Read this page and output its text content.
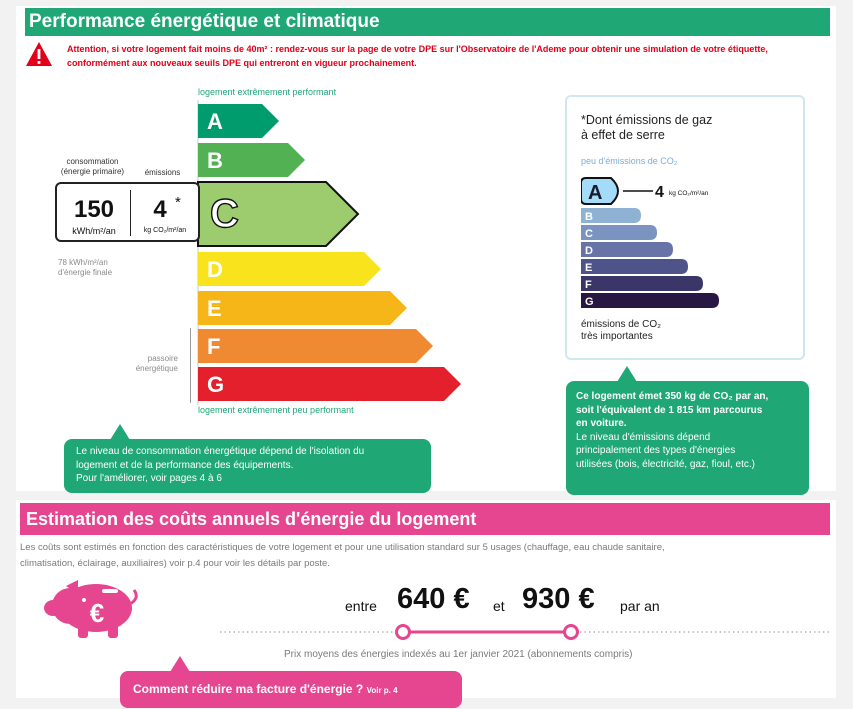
Performance énergétique et climatique
Attention, si votre logement fait moins de 40m² : rendez-vous sur la page de votre DPE sur l'Observatoire de l'Ademe pour obtenir une simulation de votre étiquette,
conformément aux nouveaux seuils DPE qui entreront en vigueur prochainement.
logement extrêmement performant
logement extrêmement peu performant
A
B
C
D
E
F
G
consommation
(énergie primaire)	émissions
150
kWh/m²/an
4 *
kg CO₂/m²/an
78 kWh/m²/an
d'énergie finale
passoire
énergétique
Le niveau de consommation énergétique dépend de l'isolation du
logement et de la performance des équipements.
Pour l'améliorer, voir pages 4 à 6
*Dont émissions de gaz
à effet de serre
peu d'émissions de CO₂
A
B
C
D
E
F
G
4 kg CO₂/m²/an
émissions de CO₂
très importantes
Ce logement émet 350 kg de CO₂ par an,
soit l'équivalent de 1 815 km parcourus
en voiture.
Le niveau d'émissions dépend
principalement des types d'énergies
utilisées (bois, électricité, gaz, fioul, etc.)
Estimation des coûts annuels d'énergie du logement
Les coûts sont estimés en fonction des caractéristiques de votre logement et pour une utilisation standard sur 5 usages (chauffage, eau chaude sanitaire,
climatisation, éclairage, auxiliaires) voir p.4 pour voir les détails par poste.
€	entre 640 € et 930 € par an
Prix moyens des énergies indexés au 1er janvier 2021 (abonnements compris)
Comment réduire ma facture d'énergie ? Voir p. 4
